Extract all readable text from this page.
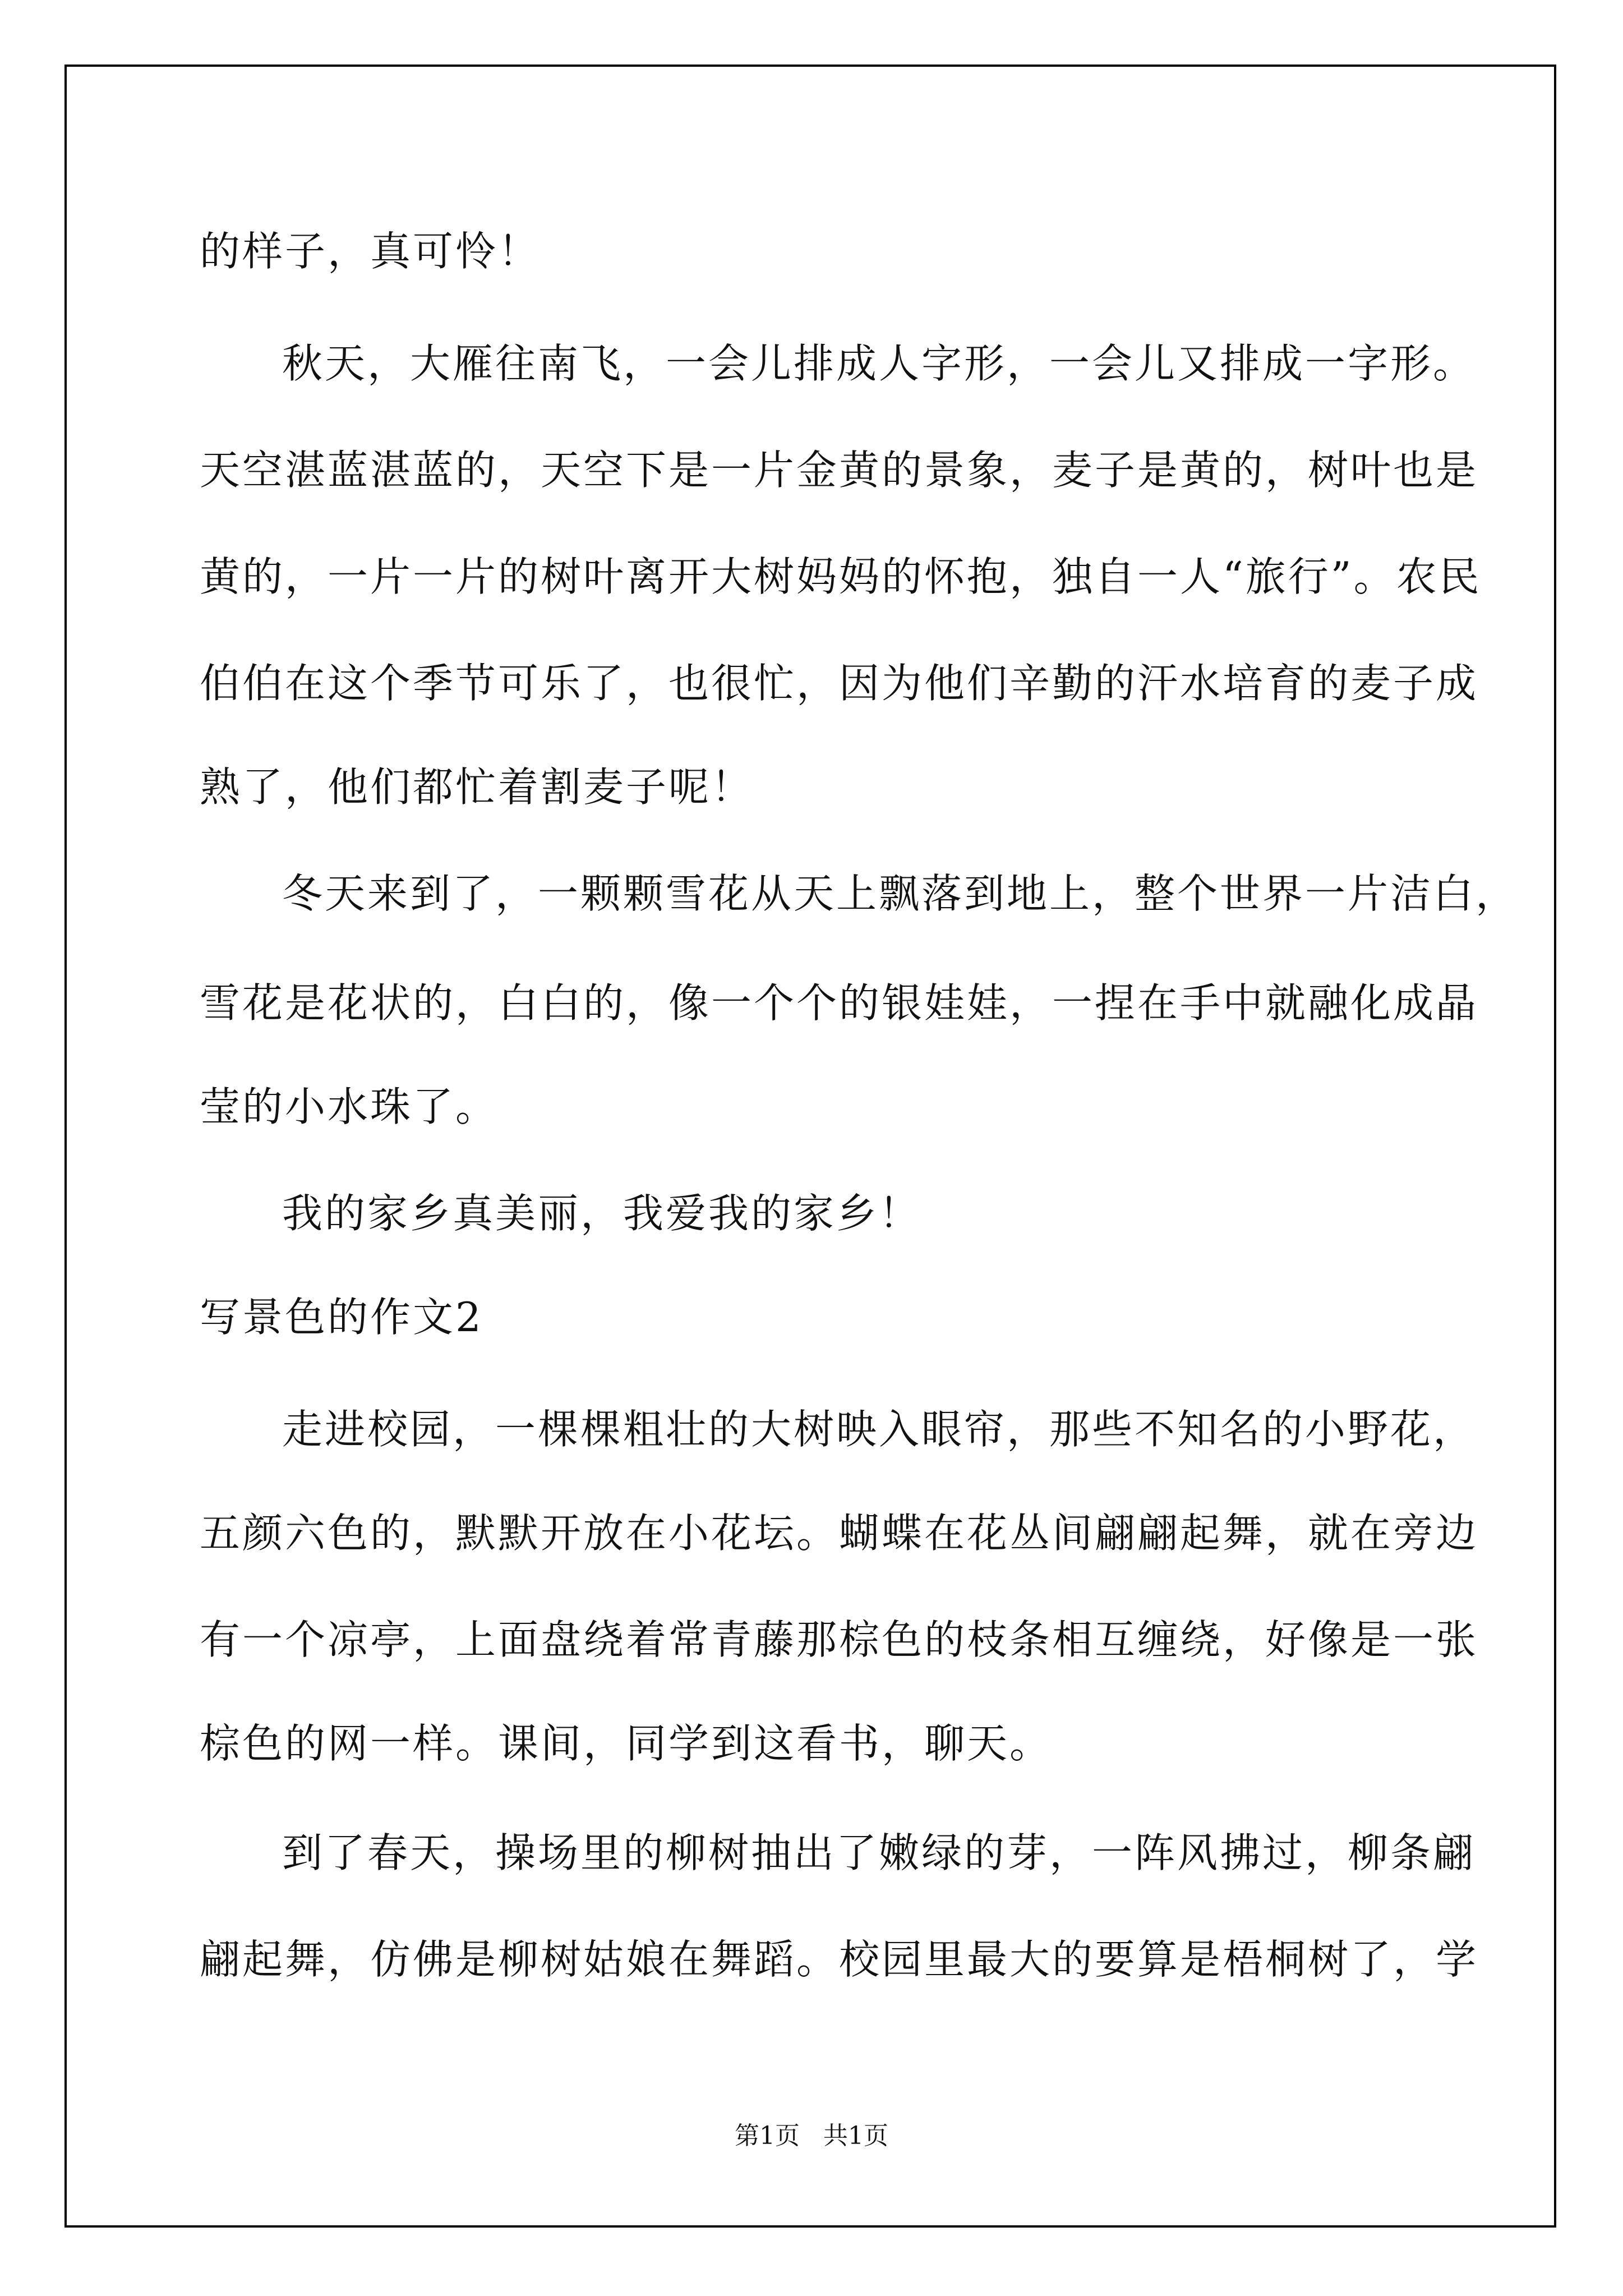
的样子，真可怜！
秋天，大雁往南飞，一会儿排成人字形，一会儿又排成一字形。
天空湛蓝湛蓝的，天空下是一片金黄的景象，麦子是黄的，树叶也是
黄的，一片一片的树叶离开大树妈妈的怀抱，独自一人“旅行”。农民
伯伯在这个季节可乐了，也很忙，因为他们辛勤的汗水培育的麦子成
熟了，他们都忙着割麦子呢！
冬天来到了，一颗颗雪花从天上飘落到地上，整个世界一片洁白，
雪花是花状的，白白的，像一个个的银娃娃，一捏在手中就融化成晶
莹的小水珠了。
我的家乡真美丽，我爱我的家乡！
写景色的作文2
走进校园，一棵棵粗壮的大树映入眼帘，那些不知名的小野花，
五颜六色的，默默开放在小花坛。蝴蝶在花丛间翩翩起舞，就在旁边
有一个凉亭，上面盘绕着常青藤那棕色的枝条相互缠绕，好像是一张
棕色的网一样。课间，同学到这看书，聊天。
到了春天，操场里的柳树抽出了嫩绿的芽，一阵风拂过，柳条翩
翩起舞，仿佛是柳树姑娘在舞蹈。校园里最大的要算是梧桐树了，学
第1页   共1页
